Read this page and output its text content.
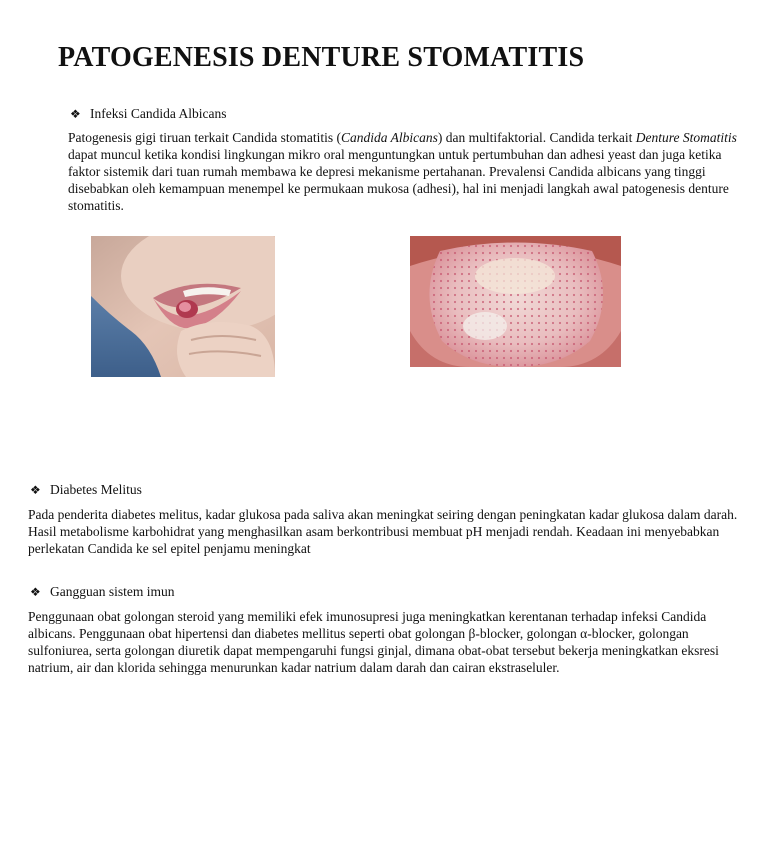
PATOGENESIS DENTURE STOMATITIS
❖ Infeksi Candida Albicans

Patogenesis gigi tiruan terkait Candida stomatitis (Candida Albicans) dan multifaktorial. Candida terkait Denture Stomatitis dapat muncul ketika kondisi lingkungan mikro oral menguntungkan untuk pertumbuhan dan adhesi yeast dan juga ketika faktor sistemik dari tuan rumah membawa ke depresi mekanisme pertahanan. Prevalensi Candida albicans yang tinggi disebabkan oleh kemampuan menempel ke permukaan mukosa (adhesi), hal ini menjadi langkah awal patogenesis denture stomatitis.

❖ Diabetes Melitus

Pada penderita diabetes melitus, kadar glukosa pada saliva akan meningkat seiring dengan peningkatan kadar glukosa dalam darah. Hasil metabolisme karbohidrat yang menghasilkan asam berkontribusi membuat pH menjadi rendah. Keadaan ini menyebabkan perlekatan Candida ke sel epitel penjamu meningkat

❖ Gangguan sistem imun

Penggunaan obat golongan steroid yang memiliki efek imunosupresi juga meningkatkan kerentanan terhadap infeksi Candida albicans. Penggunaan obat hipertensi dan diabetes mellitus seperti obat golongan β-blocker, golongan α-blocker, golongan sulfoniurea, serta golongan diuretik dapat mempengaruhi fungsi ginjal, dimana obat-obat tersebut bekerja meningkatkan eksresi natrium, air dan klorida sehingga menurunkan kadar natrium dalam darah dan cairan ekstraseluler.
